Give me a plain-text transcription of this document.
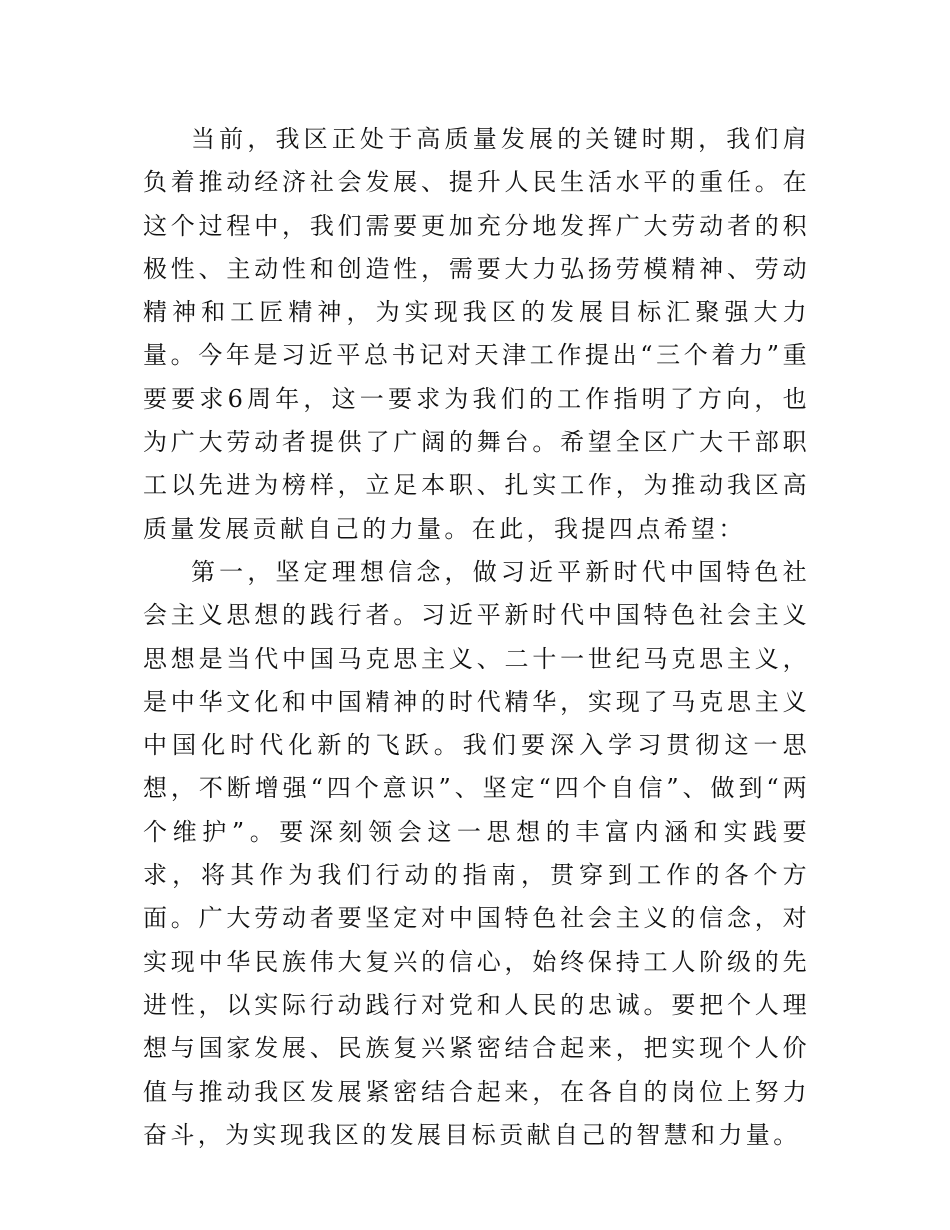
当前，我区正处于高质量发展的关键时期，我们肩负着推动经济社会发展、提升人民生活水平的重任。在这个过程中，我们需要更加充分地发挥广大劳动者的积极性、主动性和创造性，需要大力弘扬劳模精神、劳动精神和工匠精神，为实现我区的发展目标汇聚强大力量。今年是习近平总书记对天津工作提出“三个着力”重要要求6周年，这一要求为我们的工作指明了方向，也为广大劳动者提供了广阔的舞台。希望全区广大干部职工以先进为榜样，立足本职、扎实工作，为推动我区高质量发展贡献自己的力量。在此，我提四点希望：

第一，坚定理想信念，做习近平新时代中国特色社会主义思想的践行者。习近平新时代中国特色社会主义思想是当代中国马克思主义、二十一世纪马克思主义，是中华文化和中国精神的时代精华，实现了马克思主义中国化时代化新的飞跃。我们要深入学习贯彻这一思想，不断增强“四个意识”、坚定“四个自信”、做到“两个维护”。要深刻领会这一思想的丰富内涵和实践要求，将其作为我们行动的指南，贯穿到工作的各个方面。广大劳动者要坚定对中国特色社会主义的信念，对实现中华民族伟大复兴的信心，始终保持工人阶级的先进性，以实际行动践行对党和人民的忠诚。要把个人理想与国家发展、民族复兴紧密结合起来，把实现个人价值与推动我区发展紧密结合起来，在各自的岗位上努力奋斗，为实现我区的发展目标贡献自己的智慧和力量。
